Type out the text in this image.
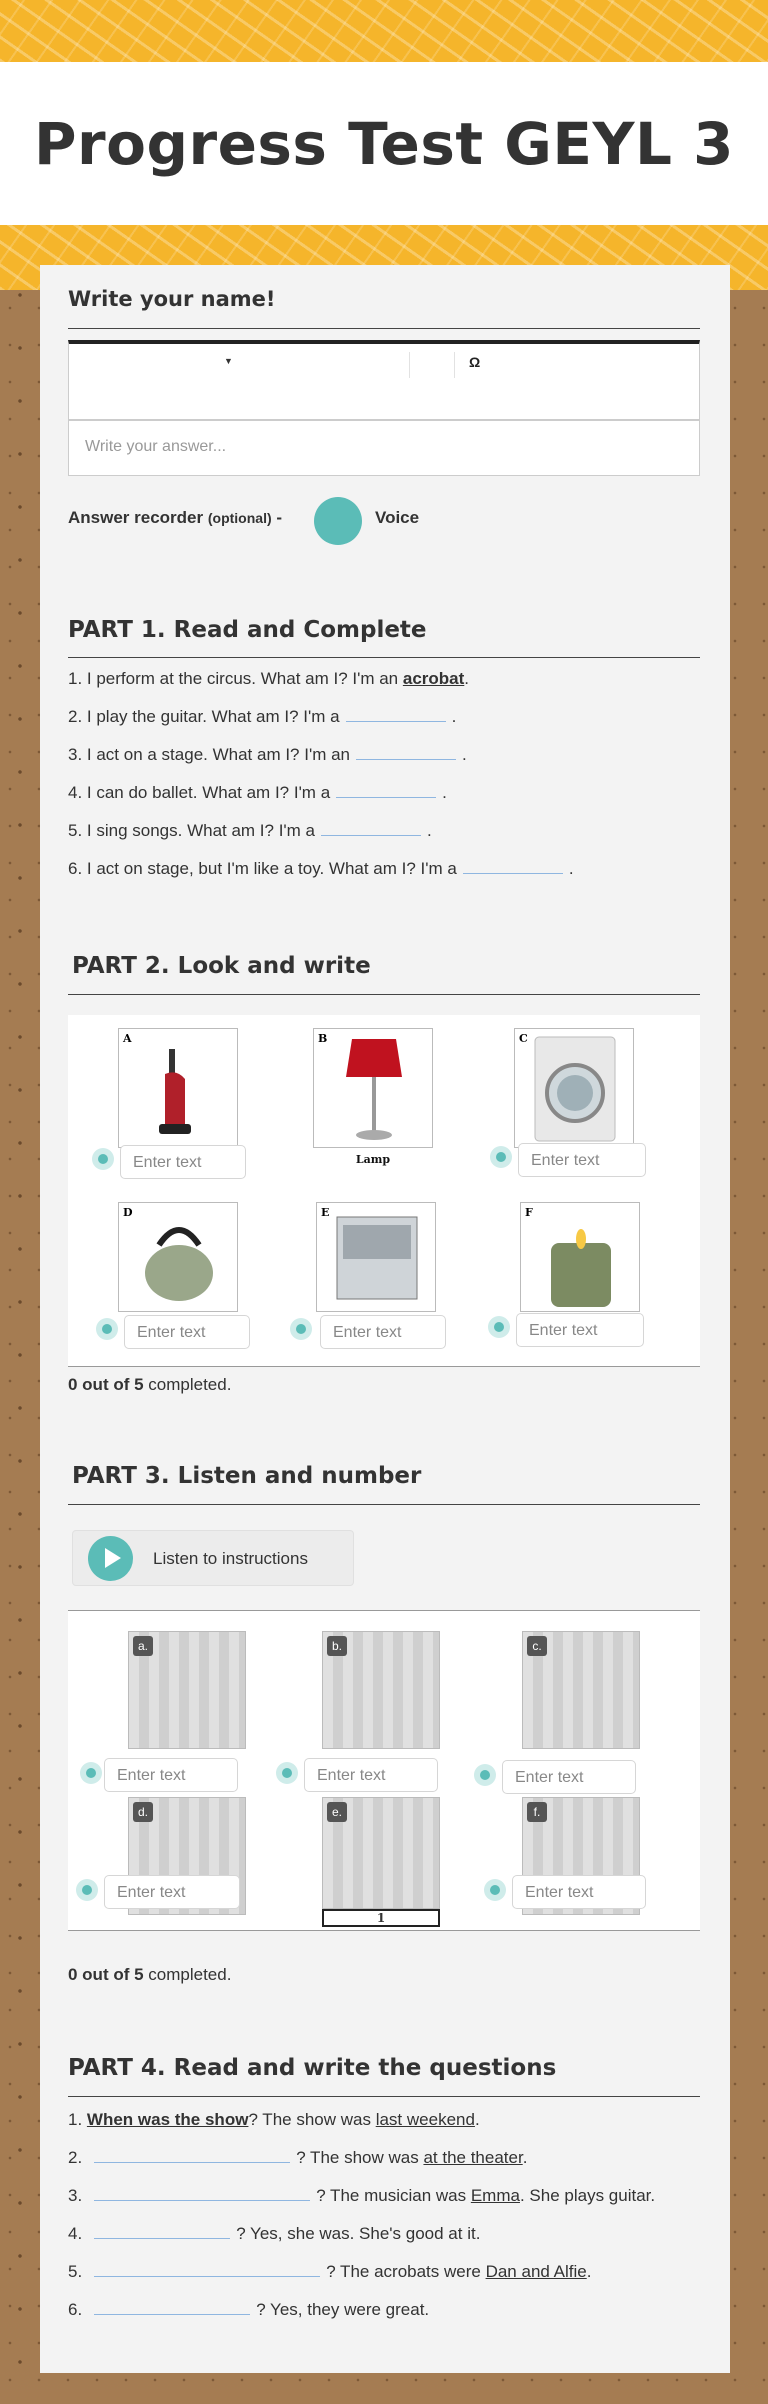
Progress Test GEYL 3
Write your name!
▼	Ω
Write your answer...
Answer recorder (optional) -	Voice
PART 1. Read and Complete
1. I perform at the circus. What am I? I'm an acrobat.
2. I play the guitar. What am I? I'm a	.
3. I act on a stage. What am I? I'm an	.
4. I can do ballet. What am I? I'm a	.
5. I sing songs. What am I? I'm a	.
6. I act on stage, but I'm like a toy. What am I? I'm a	.
PART 2. Look and write
A	B
Lamp
C
Enter text	Enter text
D	E	F
Enter text	Enter text	Enter text
0 out of 5 completed.
PART 3. Listen and number
Listen to instructions
a.	b.	c.
Enter text	Enter text	Enter text
d.	e.
1
f.
Enter text	Enter text
0 out of 5 completed.
PART 4. Read and write the questions
1. When was the show? The show was last weekend.
2.	? The show was at the theater.
3.	? The musician was Emma. She plays guitar.
4.	? Yes, she was. She's good at it.
5.	? The acrobats were Dan and Alfie.
6.	? Yes, they were great.
